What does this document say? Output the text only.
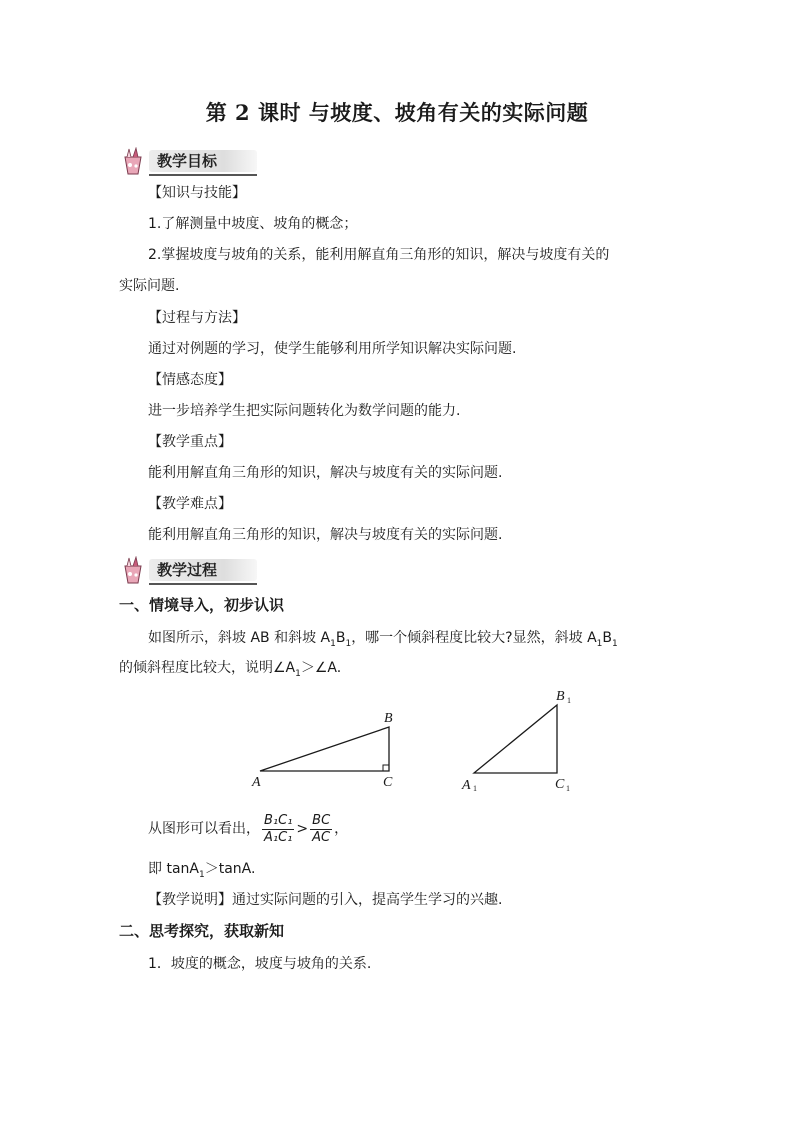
第 2 课时 与坡度、坡角有关的实际问题
教学目标
【知识与技能】
1.了解测量中坡度、坡角的概念；
2.掌握坡度与坡角的关系，能利用解直角三角形的知识，解决与坡度有关的
实际问题.
【过程与方法】
通过对例题的学习，使学生能够利用所学知识解决实际问题.
【情感态度】
进一步培养学生把实际问题转化为数学问题的能力.
【教学重点】
能利用解直角三角形的知识，解决与坡度有关的实际问题.
【教学难点】
能利用解直角三角形的知识，解决与坡度有关的实际问题.
教学过程
一、情境导入，初步认识
如图所示，斜坡 AB 和斜坡 $A_1B_1$，哪一个倾斜程度比较大?显然，斜坡 $A_1B_1$
的倾斜程度比较大，说明$\angle A_1>\angle A$.
A
B
C	A 1
B 1
C 1
从图形可以看出， $\frac{\text{B₁C₁}}{\text{A₁C₁}} > \frac{BC}{AC}$ ，
即 tanA$_1$＞tanA.
【教学说明】通过实际问题的引入，提高学生学习的兴趣.
二、思考探究，获取新知
1．坡度的概念，坡度与坡角的关系.
